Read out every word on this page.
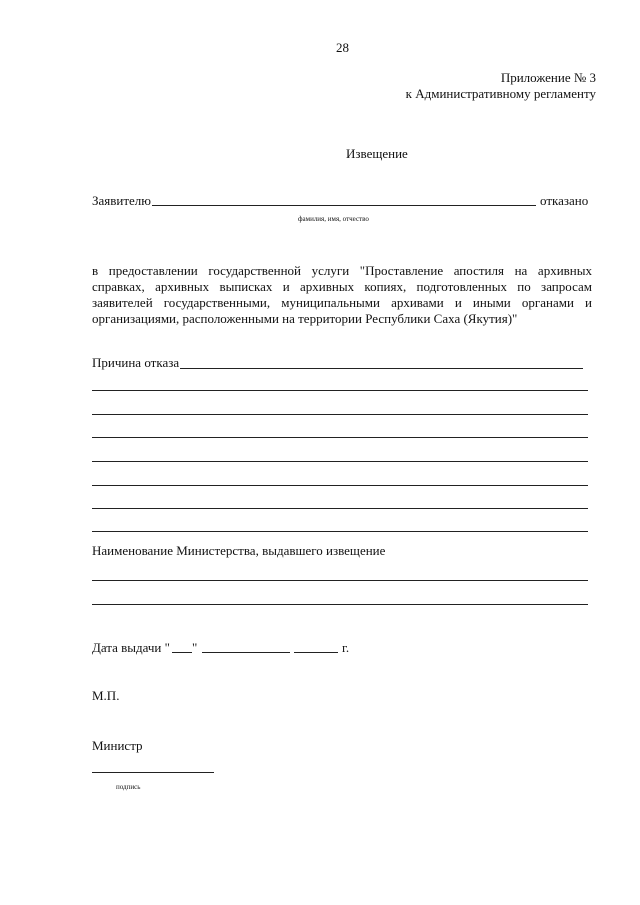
28
Приложение № 3
к Административному регламенту
Извещение
Заявителю	отказано
фамилия, имя, отчество
в предоставлении государственной услуги "Проставление апостиля на архивных справках, архивных выписках и архивных копиях, подготовленных по запросам заявителей государственными, муниципальными архивами и иными органами и организациями, расположенными на территории Республики Саха (Якутия)"
Причина отказа
Наименование Министерства, выдавшего извещение
Дата выдачи " "	г.
М.П.
Министр
подпись
